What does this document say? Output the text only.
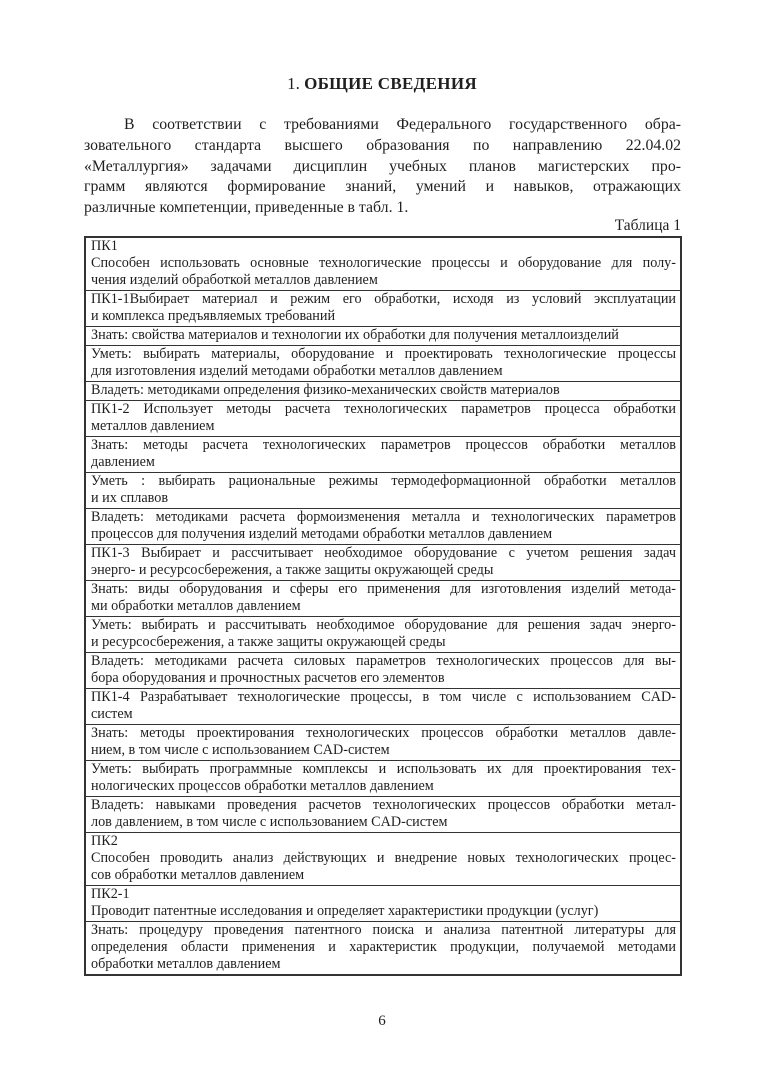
1. ОБЩИЕ СВЕДЕНИЯ
В соответствии с требованиями Федерального государственного обра-
зовательного стандарта высшего образования по направлению 22.04.02
«Металлургия» задачами дисциплин учебных планов магистерских про-
грамм являются формирование знаний, умений и навыков, отражающих
различные компетенции, приведенные в табл. 1.
Таблица 1
ПК1
Способен использовать основные технологические процессы и оборудование для полу-
чения изделий обработкой металлов давлением

ПК1-1Выбирает материал и режим его обработки, исходя из условий эксплуатации
и комплекса предъявляемых требований

Знать: свойства материалов и технологии их обработки для получения металлоизделий

Уметь: выбирать материалы, оборудование и проектировать технологические процессы
для изготовления изделий методами обработки металлов давлением

Владеть: методиками определения физико-механических свойств материалов

ПК1-2 Использует методы расчета технологических параметров процесса обработки
металлов давлением

Знать: методы расчета технологических параметров процессов обработки металлов
давлением

Уметь : выбирать рациональные режимы термодеформационной обработки металлов
и их сплавов

Владеть: методиками расчета формоизменения металла и технологических параметров
процессов для получения изделий методами обработки металлов давлением

ПК1-3 Выбирает и рассчитывает необходимое оборудование с учетом решения задач
энерго- и ресурсосбережения, а также защиты окружающей среды

Знать: виды оборудования и сферы его применения для изготовления изделий метода-
ми обработки металлов давлением

Уметь: выбирать и рассчитывать необходимое оборудование для решения задач энерго-
и ресурсосбережения, а также защиты окружающей среды

Владеть: методиками расчета силовых параметров технологических процессов для вы-
бора оборудования и прочностных расчетов его элементов

ПК1-4 Разрабатывает технологические процессы, в том числе с использованием CAD-
систем

Знать: методы проектирования технологических процессов обработки металлов давле-
нием, в том числе с использованием CAD-систем

Уметь: выбирать программные комплексы и использовать их для проектирования тех-
нологических процессов обработки металлов давлением

Владеть: навыками проведения расчетов технологических процессов обработки метал-
лов давлением, в том числе с использованием CAD-систем

ПК2
Способен проводить анализ действующих и внедрение новых технологических процес-
сов обработки металлов давлением

ПК2-1
Проводит патентные исследования и определяет характеристики продукции (услуг)

Знать: процедуру проведения патентного поиска и анализа патентной литературы для
определения области применения и характеристик продукции, получаемой методами
обработки металлов давлением
6
